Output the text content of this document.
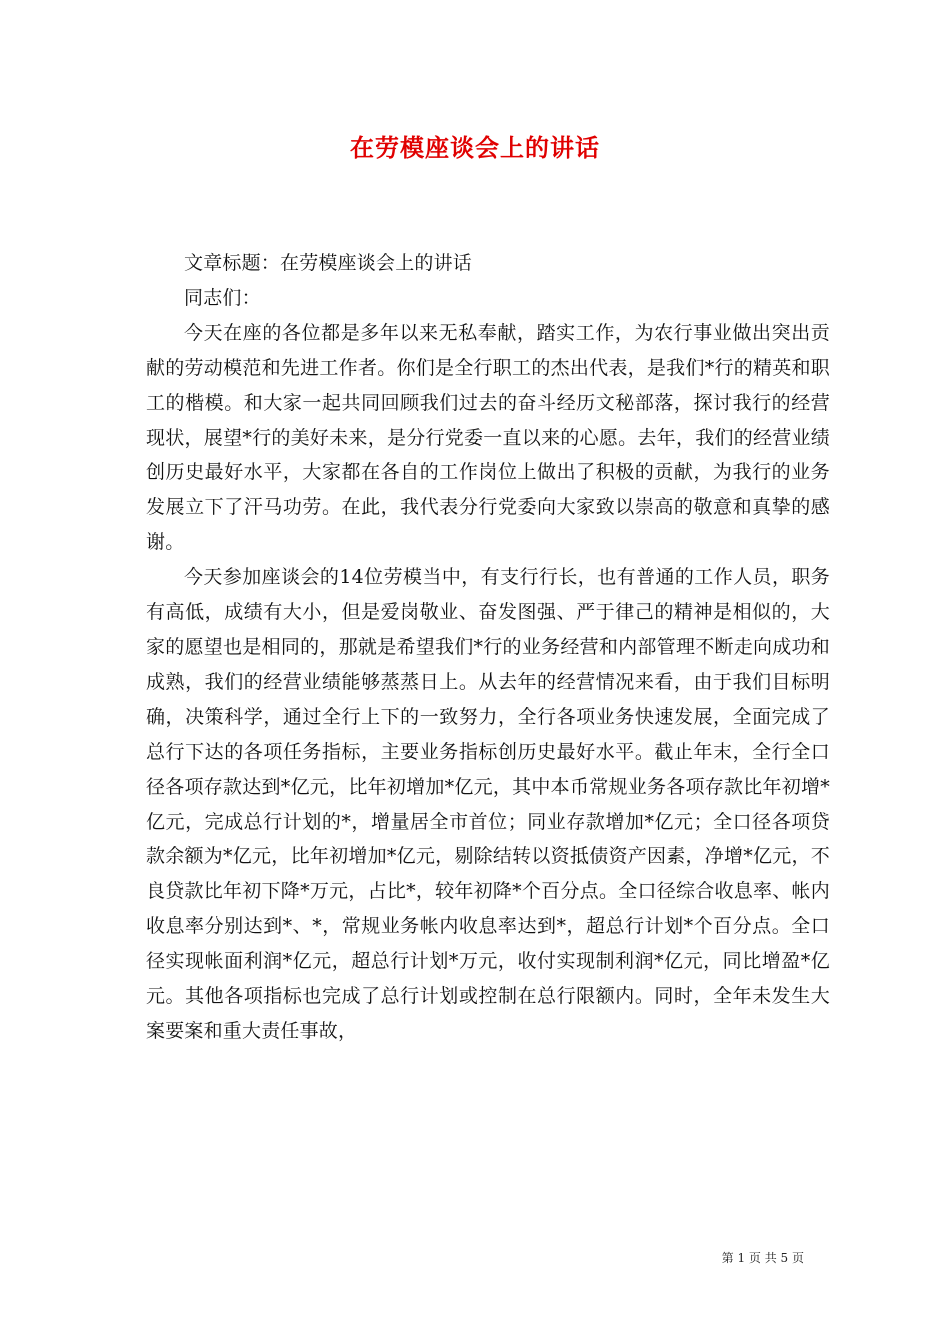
在劳模座谈会上的讲话

文章标题：在劳模座谈会上的讲话

同志们：

今天在座的各位都是多年以来无私奉献，踏实工作，为农行事业做出突出贡献的劳动模范和先进工作者。你们是全行职工的杰出代表，是我们*行的精英和职工的楷模。和大家一起共同回顾我们过去的奋斗经历文秘部落，探讨我行的经营现状，展望*行的美好未来，是分行党委一直以来的心愿。去年，我们的经营业绩创历史最好水平，大家都在各自的工作岗位上做出了积极的贡献，为我行的业务发展立下了汗马功劳。在此，我代表分行党委向大家致以崇高的敬意和真挚的感谢。

今天参加座谈会的14位劳模当中，有支行行长，也有普通的工作人员，职务有高低，成绩有大小，但是爱岗敬业、奋发图强、严于律己的精神是相似的，大家的愿望也是相同的，那就是希望我们*行的业务经营和内部管理不断走向成功和成熟，我们的经营业绩能够蒸蒸日上。从去年的经营情况来看，由于我们目标明确，决策科学，通过全行上下的一致努力，全行各项业务快速发展，全面完成了总行下达的各项任务指标，主要业务指标创历史最好水平。截止年末，全行全口径各项存款达到*亿元，比年初增加*亿元，其中本币常规业务各项存款比年初增*亿元，完成总行计划的*，增量居全市首位；同业存款增加*亿元；全口径各项贷款余额为*亿元，比年初增加*亿元，剔除结转以资抵债资产因素，净增*亿元，不良贷款比年初下降*万元，占比*，较年初降*个百分点。全口径综合收息率、帐内收息率分别达到*、*，常规业务帐内收息率达到*，超总行计划*个百分点。全口径实现帐面利润*亿元，超总行计划*万元，收付实现制利润*亿元，同比增盈*亿元。其他各项指标也完成了总行计划或控制在总行限额内。同时，全年未发生大案要案和重大责任事故，

第 1 页 共 5 页
